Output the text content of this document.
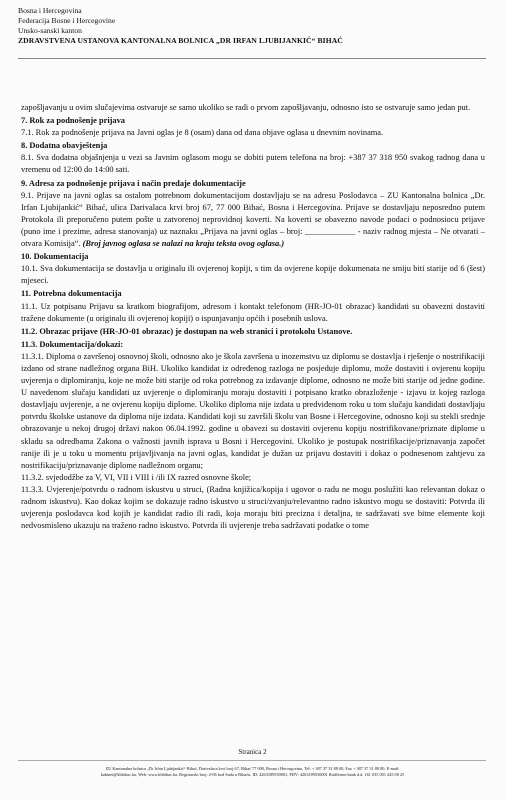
Bosna i Hercegovina
Federacija Bosne i Hercegovine
Unsko-sanski kanton
ZDRAVSTVENA USTANOVA KANTONALNA BOLNICA „DR IRFAN LJUBIJANKIĆ“ BIHAĆ

zapošljavanju u ovim slučajevima ostvaruje se samo ukoliko se radi o prvom zapošljavanju, odnosno isto se ostvaruje samo jedan put.

7. Rok za podnošenje prijava

7.1. Rok za podnošenje prijava na Javni oglas je 8 (osam) dana od dana objave oglasa u dnevnim novinama.

8. Dodatna obavještenja

8.1. Sva dodatna objašnjenja u vezi sa Javnim oglasom mogu se dobiti putem telefona na broj: +387 37 318 950 svakog radnog dana u vremenu od 12:00 do 14:00 sati.

9. Adresa za podnošenje prijava i način predaje dokumentacije

9.1. Prijave na javni oglas sa ostalom potrebnom dokumentacijom dostavljaju se na adresu Poslodavca – ZU Kantonalna bolnica „Dr. Irfan Ljubijankić“ Bihać, ulica Darivalaca krvi broj 67, 77 000 Bihać, Bosna i Hercegovina. Prijave se dostavljaju neposredno putem Protokola ili preporučeno putem pošte u zatvorenoj neprovidnoj koverti. Na koverti se obavezno navode podaci o podnosiocu prijave (puno ime i prezime, adresa stanovanja) uz naznaku „Prijava na javni oglas – broj: ____________ - naziv radnog mjesta – Ne otvarati – otvara Komisija“. (Broj javnog oglasa se nalazi na kraju teksta ovog oglasa.)

10. Dokumentacija

10.1. Sva dokumentacija se dostavlja u originalu ili ovjerenoj kopiji, s tim da ovjerene kopije dokumenata ne smiju biti starije od 6 (šest) mjeseci.

11. Potrebna dokumentacija

11.1. Uz potpisanu Prijavu sa kratkom biografijom, adresom i kontakt telefonom (HR-JO-01 obrazac) kandidati su obavezni dostaviti tražene dokumente (u originalu ili ovjerenoj kopiji) o ispunjavanju općih i posebnih uslova.

11.2. Obrazac prijave (HR-JO-01 obrazac) je dostupan na web stranici i protokolu Ustanove.

11.3. Dokumentacija/dokazi:

11.3.1. Diploma o završenoj osnovnoj školi, odnosno ako je škola završena u inozemstvu uz diplomu se dostavlja i rješenje o nostrifikaciji izdano od strane nadležnog organa BiH. Ukoliko kandidat iz određenog razloga ne posjeduje diplomu, može dostaviti i ovjerenu kopiju uvjerenja o diplomiranju, koje ne može biti starije od roka potrebnog za izdavanje diplome, odnosno ne može biti starije od jedne godine. U navedenom slučaju kandidati uz uvjerenje o diplomiranju moraju dostaviti i potpisano kratko obrazloženje - izjavu iz kojeg razloga dostavljaju uvjerenje, a ne ovjerenu kopiju diplome. Ukoliko diploma nije izdata u predviđenom roku u tom slučaju kandidati dostavljaju potvrdu školske ustanove da diploma nije izdata. Kandidati koji su završili školu van Bosne i Hercegovine, odnosno koji su stekli srednje obrazovanje u nekoj drugoj državi nakon 06.04.1992. godine u obavezi su dostaviti ovjerenu kopiju nostrifikovane/priznate diplome u skladu sa odredbama Zakona o važnosti javnih isprava u Bosni i Hercegovini. Ukoliko je postupak nostrifikacije/priznavanja započet ranije ili je u toku u momentu prijavljivanja na javni oglas, kandidat je dužan uz prijavu dostaviti i dokaz o podnesenom zahtjevu za nostrifikaciju/priznavanje diplome nadležnom organu;

11.3.2. svjedodžbe za V, VI, VII i VIII i /ili IX razred osnovne škole;

11.3.3. Uvjerenje/potvrdu o radnom iskustvu u struci, (Radna knjižica/kopija i ugovor o radu ne mogu poslužiti kao relevantan dokaz o radnom iskustvu). Kao dokaz kojim se dokazuje radno iskustvo u struci/zvanju/relevantno radno iskustvo mogu se dostaviti: Potvrda ili uvjerenja poslodavca kod kojih je kandidat radio ili radi, koja moraju biti precizna i detaljna, te sadržavati sve bitne elemente koji nedvosmisleno ukazuju na traženo radno iskustvo. Potvrda ili uvjerenje treba sadržavati podatke o tome

Stranica 2
ZU Kantonalna bolnica „Dr Irfan Ljubijankić“ Bihać, Darivalaca krvi broj 67, Bihać 77 000, Bosna i Hercegovina, Tel: + 387 37 31 88 00, Fax + 387 37 31 88 80, E-mail:
kabinet@kbbihac.ba, Web: www.kbbihac.ba, Registarski broj: 2-06 kod Suda u Bihaću, ID: 4263189550001, PDV: 4263189550001 Raiffeisen bank d.d. 161 035 001 445 00 25
